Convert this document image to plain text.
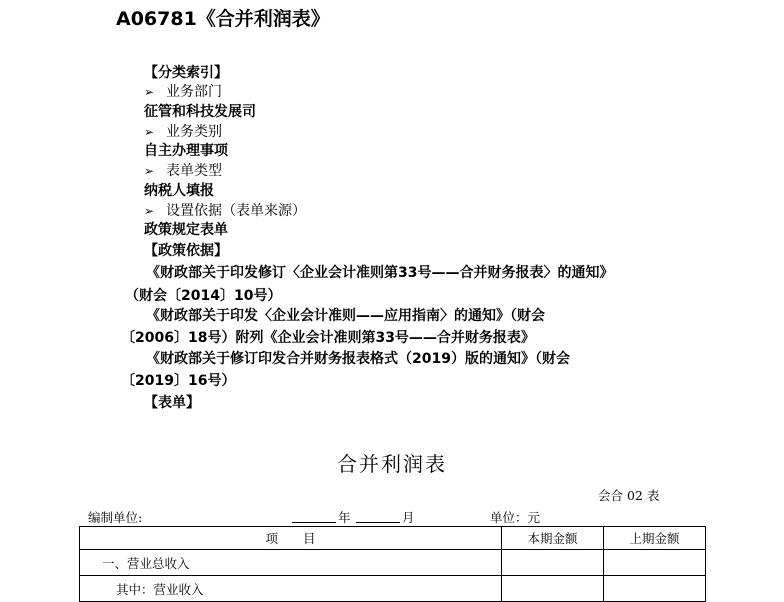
A06781《合并利润表》
【分类索引】
➢ 业务部门
征管和科技发展司
➢ 业务类别
自主办理事项
➢ 表单类型
纳税人填报
➢ 设置依据（表单来源）
政策规定表单
【政策依据】
《财政部关于印发修订〈企业会计准则第33号——合并财务报表〉的通知》
（财会〔2014〕10号）
《财政部关于印发〈企业会计准则——应用指南〉的通知》（财会
〔2006〕18号）附列《企业会计准则第33号——合并财务报表》
《财政部关于修订印发合并财务报表格式（2019）版的通知》（财会
〔2019〕16号）
【表单】
合并利润表
会合 02 表
编制单位:	年	月	单位：元
项　　目	本期金额	上期金额
一、营业总收入		
其中：营业收入		
